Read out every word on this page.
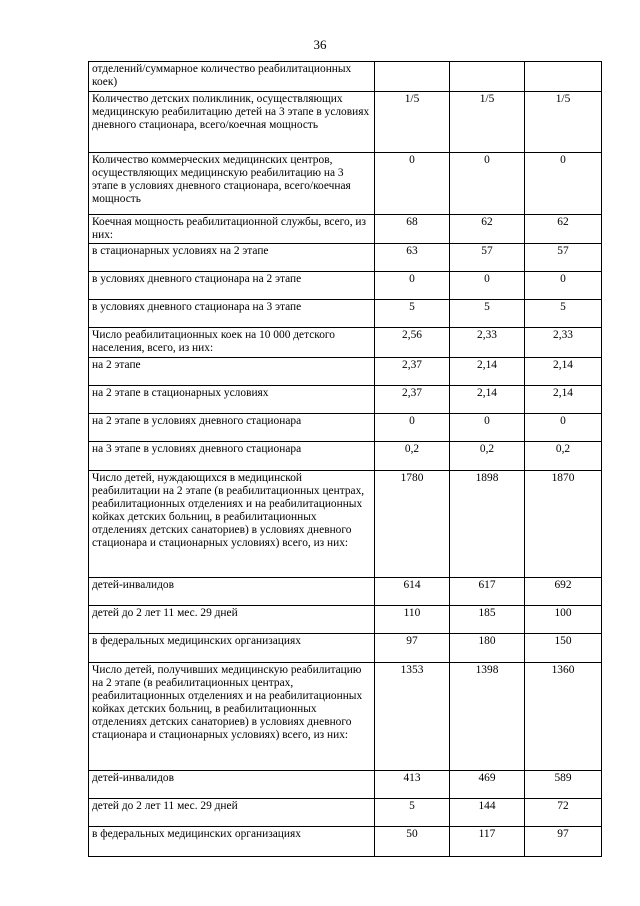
36
отделений/суммарное количество реабилитационных коек)			
Количество детских поликлиник, осуществляющих медицинскую реабилитацию детей на 3 этапе в условиях дневного стационара, всего/коечная мощность	1/5	1/5	1/5
Количество коммерческих медицинских центров, осуществляющих медицинскую реабилитацию на 3 этапе в условиях дневного стационара, всего/коечная мощность	0	0	0
Коечная мощность реабилитационной службы, всего, из них:	68	62	62
в стационарных условиях на 2 этапе	63	57	57
в условиях дневного стационара на 2 этапе	0	0	0
в условиях дневного стационара на 3 этапе	5	5	5
Число реабилитационных коек на 10 000 детского населения, всего, из них:	2,56	2,33	2,33
на 2 этапе	2,37	2,14	2,14
на 2 этапе в стационарных условиях	2,37	2,14	2,14
на 2 этапе в условиях дневного стационара	0	0	0
на 3 этапе в условиях дневного стационара	0,2	0,2	0,2
Число детей, нуждающихся в медицинской реабилитации на 2 этапе (в реабилитационных центрах, реабилитационных отделениях и на реабилитационных койках детских больниц, в реабилитационных отделениях детских санаториев) в условиях дневного стационара и стационарных условиях) всего, из них:	1780	1898	1870
детей-инвалидов	614	617	692
детей до 2 лет 11 мес. 29 дней	110	185	100
в федеральных медицинских организациях	97	180	150
Число детей, получивших медицинскую реабилитацию на 2 этапе (в реабилитационных центрах, реабилитационных отделениях и на реабилитационных койках детских больниц, в реабилитационных отделениях детских санаториев) в условиях дневного стационара и стационарных условиях) всего, из них:	1353	1398	1360
детей-инвалидов	413	469	589
детей до 2 лет 11 мес. 29 дней	5	144	72
в федеральных медицинских организациях	50	117	97
